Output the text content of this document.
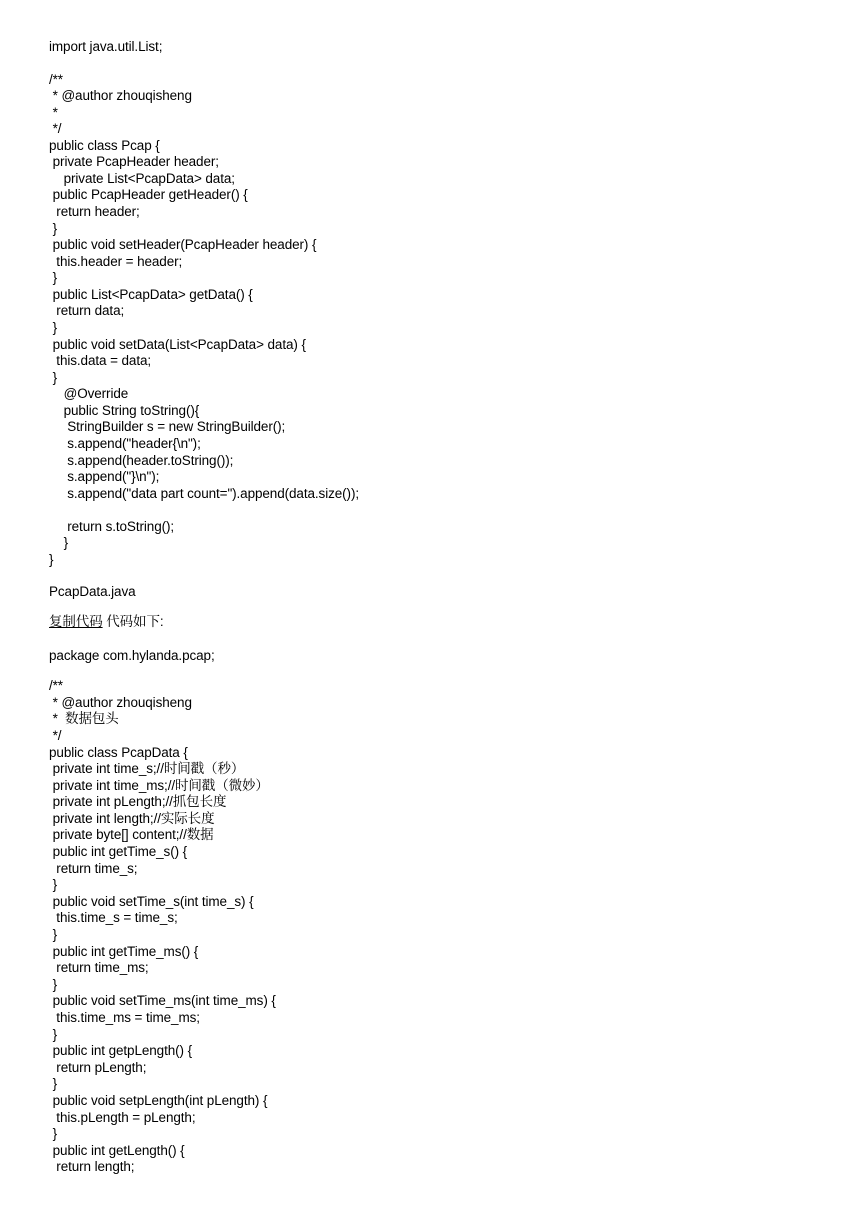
import java.util.List;
/**
* @author zhouqisheng
*
*/
public class Pcap {
private PcapHeader header;
private List<PcapData> data;
public PcapHeader getHeader() {
return header;
}
public void setHeader(PcapHeader header) {
this.header = header;
}
public List<PcapData> getData() {
return data;
}
public void setData(List<PcapData> data) {
this.data = data;
}
@Override
public String toString(){
StringBuilder s = new StringBuilder();
s.append("header{\n");
s.append(header.toString());
s.append("}\n");
s.append("data part count=").append(data.size());
return s.toString();
}
}
PcapData.java
复制代码 代码如下:
package com.hylanda.pcap;
/**
* @author zhouqisheng
*  数据包头
*/
public class PcapData {
private int time_s;//时间戳（秒）
private int time_ms;//时间戳（微妙）
private int pLength;//抓包长度
private int length;//实际长度
private byte[] content;//数据
public int getTime_s() {
return time_s;
}
public void setTime_s(int time_s) {
this.time_s = time_s;
}
public int getTime_ms() {
return time_ms;
}
public void setTime_ms(int time_ms) {
this.time_ms = time_ms;
}
public int getpLength() {
return pLength;
}
public void setpLength(int pLength) {
this.pLength = pLength;
}
public int getLength() {
return length;
